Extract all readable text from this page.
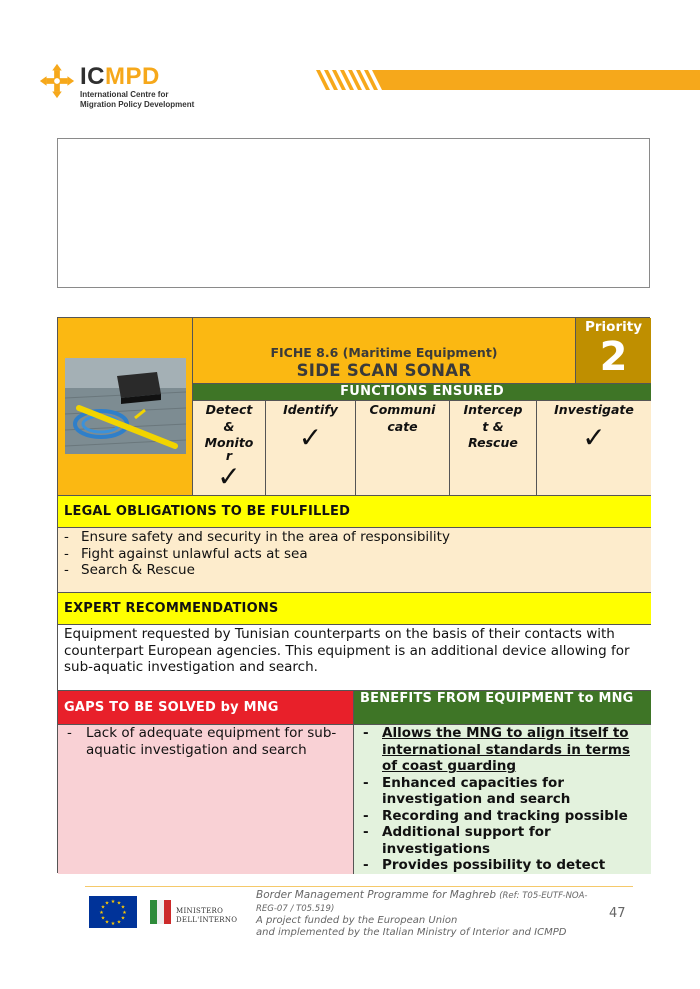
ICMPD
International Centre for
Migration Policy Development
FICHE 8.6 (Maritime Equipment)
SIDE SCAN SONAR
Priority
2
FUNCTIONS ENSURED
Detect
&
Monito
r
✓
Identify
✓
Communi
cate
Intercep
t &
Rescue
Investigate
✓
LEGAL OBLIGATIONS TO BE FULFILLED
- Ensure safety and security in the area of responsibility
- Fight against unlawful acts at sea
- Search & Rescue
EXPERT RECOMMENDATIONS
Equipment requested by Tunisian counterparts on the basis of their contacts with counterpart European agencies. This equipment is an additional device allowing for sub-aquatic investigation and search.
GAPS TO BE SOLVED by MNG
BENEFITS FROM EQUIPMENT to MNG
- Lack of adequate equipment for sub-aquatic investigation and search
- Allows the MNG to align itself to international standards in terms of coast guarding
- Enhanced capacities for investigation and search
- Recording and tracking possible
- Additional support for investigations
- Provides possibility to detect
★ ★
★
★
★
★
★
★
★
★
★
★
MINISTERO
DELL'INTERNO
Border Management Programme for Maghreb (Ref: T05-EUTF-NOA-REG-07 / T05.519)
A project funded by the European Union
and implemented by the Italian Ministry of Interior and ICMPD
47
